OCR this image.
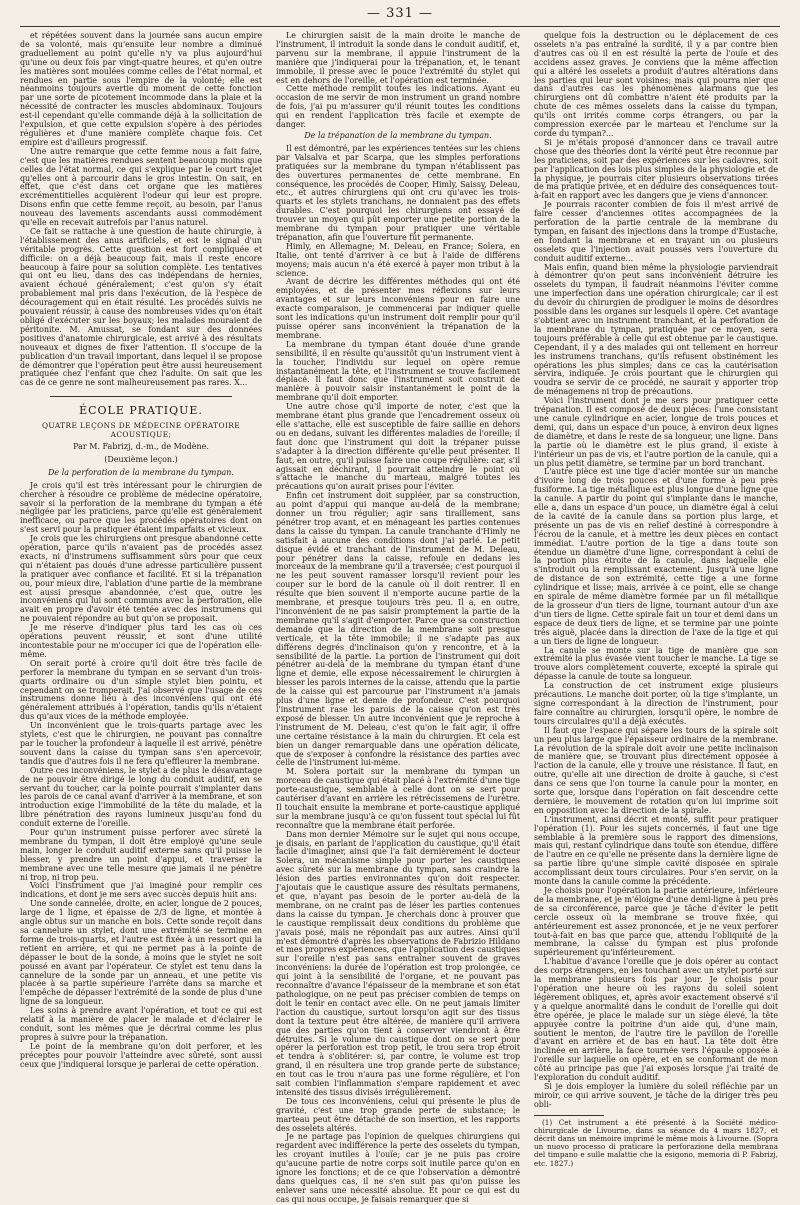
— 331 —

et répétées souvent dans la journée sans aucun empire de sa volonté, mais qu'ensuite leur nombre a diminué graduellement au point qu'elle n'y va plus aujourd'hui qu'une ou deux fois par vingt-quatre heures, et qu'en outre les matières sont moulées comme celles de l'état normal, et rendues en partie sous l'empire de la volonté; elle est néanmoins toujours avertie du moment de cette fonction par une sorte de picotement incommode dans la plaie et la nécessité de contracter les muscles abdominaux. Toujours est-il cependant qu'elle commande déjà à la sollicitation de l'expulsion, et que cette expulsion s'opère à des périodes régulières et d'une manière complète chaque fois. Cet empire est d'ailleurs progressif.

Une autre remarque que cette femme nous a fait faire, c'est que les matières rendues sentent beaucoup moins que celles de l'état normal, ce qui s'explique par le court trajet qu'elles ont à parcourir dans le gros intestin. On sait, en effet, que c'est dans cet organe que les matières excrémentitielles acquièrent l'odeur qui leur est propre. Disons enfin que cette femme reçoit, au besoin, par l'anus nouveau des lavements ascendants aussi commodément qu'elle en recevait autrefois par l'anus naturel.

Ce fait se rattache à une question de haute chirurgie, à l'établissement des anus artificiels, et est le signal d'un véritable progrès. Cette question est fort compliquée et difficile: on a déjà beaucoup fait, mais il reste encore beaucoup à faire pour sa solution complète. Les tentatives qui ont eu lieu, dans des cas indépendans de hernies, avaient échoué généralement; c'est qu'on s'y était probablement mal pris dans l'exécution, de là l'espèce de découragement qui en était résulté. Les procédés suivis ne pouvaient réussir, à cause des nombreuses vides qu'on était obligé d'exécuter sur les boyaux; les malades mouraient de péritonite. M. Amussat, se fondant sur des données positives d'anatomie chirurgicale, est arrivé à des résultats nouveaux et dignes de fixer l'attention. Il s'occupe de la publication d'un travail important, dans lequel il se propose de démontrer que l'opération peut être aussi heureusement pratiquée chez l'enfant que chez l'adulte. On sait que les cas de ce genre ne sont malheureusement pas rares. X...

ÉCOLE PRATIQUE.
QUATRE LEÇONS DE MÉDECINE OPÉRATOIRE ACOUSTIQUE;
Par M. Fabrizj, d.-m., de Modène.
(Deuxième leçon.)
De la perforation de la membrane du tympan.

Je crois qu'il est très intéressant pour le chirurgien de chercher à résoudre ce problème de médecine opératoire, savoir si la perforation de la membrane du tympan a été négligée par les praticiens, parce qu'elle est généralement inefficace, ou parce que les procédés opératoires dont on s'est servi pour la pratiquer étaient imparfaits et vicieux.

Je crois que les chirurgiens ont presque abandonné cette opération, parce qu'ils n'avaient pas de procédés assez exacts, ni d'instrumens suffisamment sûrs pour que ceux qui n'étaient pas doués d'une adresse particulière pussent la pratiquer avec confiance et facilité. Et si la trépanation ou, pour mieux dire, l'ablation d'une partie de la membrane est aussi presque abandonnée, c'est que, outre les inconvéniens qui lui sont communs avec la perforation, elle avait en propre d'avoir été tentée avec des instrumens qui ne pouvaient répondre au but qu'on se proposait.

Je me réserve d'indiquer plus tard les cas où ces opérations peuvent réussir, et sont d'une utilité incontestable pour ne m'occuper ici que de l'opération elle-même.

On serait porté à croire qu'il doit être très facile de perforer la membrane du tympan en se servant d'un trois-quarts ordinaire ou d'un simple stylet bien pointu, et cependant on se tromperait. J'ai observé que l'usage de ces instrumens donne lieu à des inconvéniens qui ont été généralement attribués à l'opération, tandis qu'ils n'étaient dus qu'aux vices de la méthode employée.

Un inconvénient que le trois-quarts partage avec les stylets, c'est que le chirurgien, ne pouvant pas connaître par le toucher la profondeur à laquelle il est arrivé, pénètre souvent dans la caisse du tympan sans s'en apercevoir, tandis que d'autres fois il ne fera qu'effleurer la membrane.

Outre ces inconvéniens, le stylet a de plus le désavantage de ne pouvoir être dirigé le long du conduit auditif, en se servant du toucher, car la pointe pourrait s'implanter dans les parois de ce canal avant d'arriver à la membrane, et son introduction exige l'immobilité de la tête du malade, et la libre pénétration des rayons lumineux jusqu'au fond du conduit externe de l'oreille.

Pour qu'un instrument puisse perforer avec sûreté la membrane du tympan, il doit être employé qu'une seule main, longer le conduit auditif externe sans qu'il puisse le blesser, y prendre un point d'appui, et traverser la membrane avec une telle mesure que jamais il ne pénètre ni trop, ni trop peu.

Voici l'instrument que j'ai imaginé pour remplir ces indications, et dont je me sers avec succès depuis huit ans:

Une sonde cannelée, droite, en acier, longue de 2 pouces, large de 1 ligne, et épaisse de 2/3 de ligne, et montée à angle obtus sur un manche en bois. Cette sonde reçoit dans sa cannelure un stylet, dont une extrémité se termine en forme de trois-quarts, et l'autre est fixée à un ressort qui la retient en arrière, et qui ne permet pas à la pointe de dépasser le bout de la sonde, à moins que le stylet ne soit poussé en avant par l'opérateur. Ce stylet est tenu dans la cannelure de la sonde par un anneau, et une petite vis placée à sa partie supérieure l'arrête dans sa marche et l'empêche de dépasser l'extrémité de la sonde de plus d'une ligne de sa longueur.

Les soins à prendre avant l'opération, et tout ce qui est relatif à la manière de placer le malade et d'éclairer le conduit, sont les mêmes que je décrirai comme les plus propres à suivre pour la trépanation.

Le point de la membrane qu'on doit perforer, et les préceptes pour pouvoir l'atteindre avec sûreté, sont aussi ceux que j'indiquerai lorsque je parlerai de cette opération.

Le chirurgien saisit de la main droite le manche de l'instrument, il introduit la sonde dans le conduit auditif, et, parvenu sur la membrane, il appuie l'instrument de la manière que j'indiquerai pour la trépanation, et, le tenant immobile, il presse avec le pouce l'extrémité du stylet qui est en dehors de l'oreille, et l'opération est terminée.

Cette méthode remplit toutes les indications. Ayant eu occasion de me servir de mon instrument un grand nombre de fois, j'ai pu m'assurer qu'il réunit toutes les conditions qui en rendent l'application très facile et exempte de danger.

De la trépanation de la membrane du tympan.

Il est démontré, par les expériences tentées sur les chiens par Valsalva et par Scarpa, que les simples perforations pratiquées sur la membrane du tympan n'établissent pas des ouvertures permanentes de cette membrane. En conséquence, les procédés de Cooper, Himly, Saissy, Deleau, etc., et autres chirurgiens qui ont cru qu'avec les trois-quarts et les stylets tranchans, ne donnaient pas des effets durables. C'est pourquoi les chirurgiens ont essayé de trouver un moyen qui pût emporter une petite portion de la membrane du tympan pour pratiquer une véritable trépanation, afin que l'ouverture fût permanente.

Himly, en Allemagne; M. Deleau, en France; Solera, en Italie, ont tenté d'arriver à ce but à l'aide de différens moyens; mais aucun n'a été exercé à payer mon tribut à la science.

Avant de décrire les différentes méthodes qui ont été employées, et de présenter mes réflexions sur leurs avantages et sur leurs inconvéniens pour en faire une exacte comparaison, je commencerai par indiquer quelle sont les indications qu'un instrument doit remplir pour qu'il puisse opérer sans inconvénient la trépanation de la membrane.

La membrane du tympan étant douée d'une grande sensibilité, il en résulte qu'aussitôt qu'un instrument vient à la toucher, l'individu sur lequel on opère remue instantanément la tête, et l'instrument se trouve facilement déplacé. Il faut donc que l'instrument soit construit de manière à pouvoir saisir instantanément le point de la membrane qu'il doit emporter.

Une autre chose qu'il importe de noter, c'est que la membrane étant plus grande que l'encadrement osseux où elle s'attache, elle est susceptible de faire saillie en dehors ou en dedans, suivant les différentes maladies de l'oreille; il faut donc que l'instrument qui doit la trépaner puisse s'adapter à la direction différente qu'elle peut présenter. Il faut, en outre, qu'il puisse faire une coupe régulière: car, s'il agissait en déchirant, il pourrait atteindre le point où s'attache le manche du marteau, malgré toutes les précautions qu'on aurait prises pour l'éviter.

Enfin cet instrument doit suppléer, par sa construction, au point d'appui qui manque au-delà de la membrane; donner un trou régulier; agir sans tiraillement, sans pénétrer trop avant, et en ménageant les parties contenues dans la caisse du tympan. La canule tranchante d'Himly ne satisfait à aucune des conditions dont j'ai parlé. Le petit disque évidé et tranchant de l'instrument de M. Deleau, pour pénétrer dans la caisse, refoule en dedans les morceaux de la membrane qu'il a traversée; c'est pourquoi il ne les peut souvent ramasser lorsqu'il revient pour les couper sur le bord de la canule où il doit rentrer. Il en résulte que bien souvent il n'emporte aucune partie de la membrane, et presque toujours très peu. Il a, en outre, l'inconvénient de ne pas saisir promptement la partie de la membrane qu'il s'agit d'emporter. Parce que sa construction demande que la direction de la membrane soit presque verticale, et la tête immobile; il ne s'adapte pas aux différens degrés d'inclinaison qu'on y rencontre, et à la sensibilité de la partie. La portion de l'instrument qui doit pénétrer au-delà de la membrane du tympan étant d'une ligne et demie, elle expose nécessairement le chirurgien à blesser les parois internes de la caisse, attendu que la partie de la caisse qui est parcourue par l'instrument n'a jamais plus d'une ligne et demie de profondeur. C'est pourquoi l'instrument rase les parois de la caisse qu'on est très exposé de blesser. Un autre inconvénient que je reproche à l'instrument de M. Deleau, c'est qu'on le fait agir, il offre une certaine résistance à la main du chirurgien. Et cela est bien un danger remarquable dans une opération délicate, que de s'exposer à confondre la résistance des parties avec celle de l'instrument lui-même.

M. Solera portait sur la membrane du tympan un morceau de caustique qui était placé à l'extrémité d'une tige porte-caustique, semblable à celle dont on se sert pour cautériser d'avant en arrière les rétrécissemens de l'urètre. Il touchait ensuite la membrane et porte-caustique appliqué sur la membrane jusqu'à ce qu'on fussent tout spécial lui fût reconnaître que la membrane était perforée.

Dans mon dernier Mémoire sur le sujet qui nous occupe, je disais, en parlant de l'application du caustique, qu'il était facile d'imaginer, ainsi que l'a fait dernièrement le docteur Solera, un mécanisme simple pour porter les caustiques avec sûreté sur la membrane du tympan, sans craindre la lésion des parties environnantes qu'on doit respecter. J'ajoutais que le caustique assure des résultats permanens, et que, n'ayant pas besoin de le porter au-delà de la membrane, on ne craint pas de léser les parties contenues dans la caisse du tympan. Je cherchais donc à prouver que le caustique remplissait deux conditions du problème que j'avais posé, mais ne répondait pas aux autres. Ainsi qu'il m'est démontré d'après les observations de Fabrizio Hildano et mes propres expériences, que l'application des caustiques sur l'oreille n'est pas sans entraîner souvent de graves inconvéniens: la durée de l'opération est trop prolongée, ce qui joint à la sensibilité de l'organe, et ne pouvant pas reconnaître d'avance l'épaisseur de la membrane et son état pathologique, on ne peut pas préciser combien de temps on doit le tenir en contact avec elle. On ne peut jamais limiter l'action du caustique, surtout lorsqu'on agit sur des tissus dont la texture peut être altérée, de manière qu'il arrivera que des parties qu'on tient à conserver viendront à être détruites. Si le volume du caustique dont on se sert pour opérer la perforation est trop petit, le trou sera trop étroit et tendra à s'oblitérer: si, par contre, le volume est trop grand, il en résultera une trop grande perte de substance; en tout cas le trou n'aura pas une forme régulière, et l'on sait combien l'inflammation s'empare rapidement et avec intensité des tissus divisés irrégulièrement.

De tous ces inconvéniens, celui qui présente le plus de gravité, c'est une trop grande perte de substance; le marteau peut être détaché de son insertion, et les rapports des osselets altérés.

Je ne partage pas l'opinion de quelques chirurgiens qui regardent avec indifférence la perte des osselets du tympan, les croyant inutiles à l'ouïe; car je ne puis pas croire qu'aucune partie de notre corps soit inutile parce qu'on en ignore les fonctions; et de ce que l'observation a démontré dans quelques cas, il ne s'en suit pas qu'on puisse les enlever sans une nécessité absolue. Et pour ce qui est du cas qui nous occupe, je faisais remarquer que si

quelque fois la destruction ou le déplacement de ces osselets n'a pas entraîné la surdité, il y a par contre bien d'autres cas où il en est résulté la perte de l'ouïe et des accidens assez graves. Je conviens que la même affection qui a altéré les osselets a produit d'autres altérations dans les parties qui leur sont voisines; mais qui pourra nier que dans d'autres cas les phénomènes alarmans que les chirurgiens ont dû combattre n'aient été produits par la chute de ces mêmes osselets dans la caisse du tympan, qu'ils ont irrités comme corps étrangers, ou par la compression exercée par le marteau et l'enclume sur la corde du tympan?...

Si je m'étais proposé d'annoncer dans ce travail autre chose que des théories dont la vérité peut être reconnue par les praticiens, soit par des expériences sur les cadavres, soit par l'application des lois plus simples de la physiologie et de la physique, je pourrais citer plusieurs observations tirées de ma pratique privée, et en déduire des conséquences tout-à-fait en rapport avec les dangers que je viens d'annoncer.

Je pourrais raconter combien de fois il m'est arrivé de faire cesser d'anciennes otites accompagnées de la perforation de la partie centrale de la membrane du tympan, en faisant des injections dans la trompe d'Eustache, en fondant la membrane et en trayant un ou plusieurs osselets que l'injection avait poussés vers l'ouverture du conduit auditif externe...

Mais enfin, quand bien même la physiologie parviendrait à démontrer qu'on peut sans inconvénient détruire les osselets du tympan, il faudrait néanmoins l'éviter comme une imperfection dans une opération chirurgicale; car il est du devoir du chirurgien de prodiguer le moins de désordres possible dans les organes sur lesquels il opère. Cet avantage s'obtient avec un instrument tranchant, et la perforation de la membrane du tympan, pratiquée par ce moyen, sera toujours préférable à celle qui est obtenue par le caustique. Cependant, il y a des malades qui ont tellement en horreur les instrumens tranchans, qu'ils refusent obstinément les opérations les plus simples; dans ce cas la cautérisation servira, indiquée. Je crois pourtant que le chirurgien qui voudra se servir de ce procédé, ne saurait y apporter trop de ménagemens ni trop de précautions.

Voici l'instrument dont je me sers pour pratiquer cette trépanation. Il est composé de deux pièces: l'une consistant une canule cylindrique en acier, longue de trois pouces et demi, qui, dans un espace d'un pouce, à environ deux lignes de diamètre, et dans le reste de sa longueur, une ligne. Dans la partie où le diamètre est le plus grand, il existe à l'intérieur un pas de vis, et l'autre portion de la canule, qui a un plus petit diamètre, se termine par un bord tranchant.

L'autre pièce est une tige d'acier montée sur un manche d'ivoire long de trois pouces et d'une forme à peu près fusiforme. La tige métallique est plus longue d'une ligne que la canule. A partir du point qui s'implante dans le manche, elle a, dans un espace d'un pouce, un diamètre égal à celui de la cavité de la canule dans sa portion plus large, et présente un pas de vis en relief destiné à correspondre à l'écrou de la canule, et à mettre les deux pièces en contact immédiat. L'autre portion de la tige a dans toute son étendue un diamètre d'une ligne, correspondant à celui de la portion plus étroite de la canule, dans laquelle elle s'introduit ou la remplissant exactement. Jusqu'à une ligne de distance de son extrémité, cette tige a une forme cylindrique et lisse; mais, arrivée à ce point, elle se change en spirale de même diamètre formée par un fil métallique de la grosseur d'un tiers de ligne, tournant autour d'un axe d'un tiers de ligne. Cette spirale fait un tour et demi dans un espace de deux tiers de ligne, et se termine par une pointe très aiguë, placée dans la direction de l'axe de la tige et qui a un tiers de ligne de longueur.

La canule se monte sur la tige de manière que son extrémité la plus évasée vient toucher le manche. La tige se trouve alors complètement couverte, excepté la spirale qui dépasse la canule de toute sa longueur.

La construction de cet instrument exige plusieurs précautions. Le manche doit porter, où la tige s'implante, un signe correspondant à la direction de l'instrument, pour faire connaître au chirurgien, lorsqu'il opère, le nombre de tours circulaires qu'il a déjà exécutés.

Il faut que l'espace qui sépare les tours de la spirale soit un peu plus large que l'épaisseur ordinaire de la membrane. La révolution de la spirale doit avoir une petite inclinaison de manière que, se trouvant plus directement opposée à l'action de la canule, elle y trouve une résistance. Il faut, en outre, qu'elle ait une direction de droite à gauche, si c'est dans ce sens que l'on tourne la canule pour la monter, en sorte que, lorsque dans l'opération on fait descendre cette dernière, le mouvement de rotation qu'on lui imprime soit en opposition avec la direction de la spirale.

L'instrument, ainsi décrit et monté, suffit pour pratiquer l'opération (1). Pour les sujets concernés, il faut une tige semblable à la première sous le rapport des dimensions, mais qui, restant cylindrique dans toute son étendue, diffère de l'autre en ce qu'elle ne présente dans la dernière ligne de sa partie libre qu'une simple cavité disposée en spirale accomplissant deux tours circulaires. Pour s'en servir, on la monte dans la canule comme la précédente.

Je choisis pour l'opération la partie antérieure, inférieure de la membrane, et je m'éloigne d'une demi-ligne à peu près de sa circonférence, parce que je tâche d'éviter le petit cercle osseux où la membrane se trouve fixée, qui antérieurement est assez prononcée, et je ne veux perforer tout-à-fait en bas que parce que, attendu l'obliquité de la membrane, la caisse du tympan est plus profonde supérieurement qu'inférieurement.

L'habitue d'avance l'oreille que je dois opérer au contact des corps étrangers, en les touchant avec un stylet porté sur la membrane plusieurs fois par jour. Je choisis pour l'opération une heure où les rayons du soleil soient légèrement obliques, et, après avoir exactement observé s'il y a quelque anormalité dans le conduit de l'oreille qui doit être opérée, je place le malade sur un siège élevé, la tête appuyée contre la poitrine d'un aide qui, d'une main, soutient le menton, de l'autre tire le pavillon de l'oreille d'avant en arrière et de bas en haut. La tête doit être inclinée en arrière, la face tournée vers l'épaule opposée à l'oreille sur laquelle on opère, et en se conformant de mon côté au principe pas que j'ai exposés lorsque j'ai traité de l'exploration du conduit auditif.

Si je dois employer la lumière du soleil réfléchie par un miroir, ce qui arrive souvent, je tâche de la diriger très peu obli-

(1) Cet instrument a été présenté à la Société médico-chirurgicale de Livourne, dans sa séance du 4 mars 1827, et décrit dans un mémoire imprimé le même mois à Livourne. (Sopra un nuovo processo di praticare la perforazione della membrana del timpano e sulle malattie che la esigono, memoria di P. Fabrizj, etc. 1827.)
